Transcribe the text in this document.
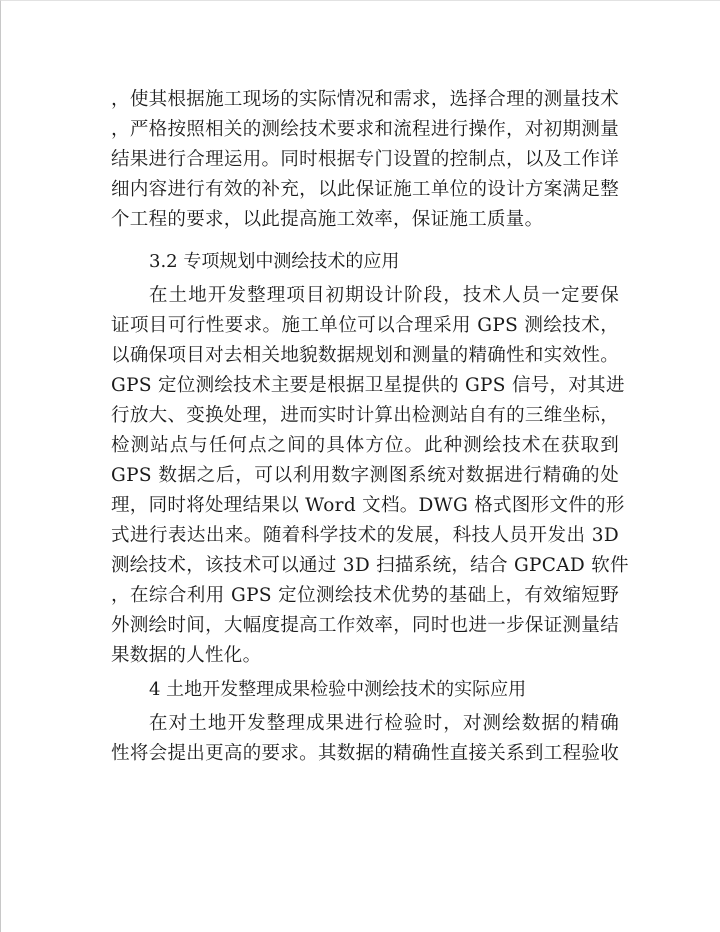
，使其根据施工现场的实际情况和需求，选择合理的测量技术
，严格按照相关的测绘技术要求和流程进行操作，对初期测量
结果进行合理运用。同时根据专门设置的控制点，以及工作详
细内容进行有效的补充，以此保证施工单位的设计方案满足整
个工程的要求，以此提高施工效率，保证施工质量。
3.2 专项规划中测绘技术的应用
在土地开发整理项目初期设计阶段，技术人员一定要保
证项目可行性要求。施工单位可以合理采用 GPS 测绘技术，
以确保项目对去相关地貌数据规划和测量的精确性和实效性。
GPS 定位测绘技术主要是根据卫星提供的 GPS 信号，对其进
行放大、变换处理，进而实时计算出检测站自有的三维坐标，
检测站点与任何点之间的具体方位。此种测绘技术在获取到
GPS 数据之后，可以利用数字测图系统对数据进行精确的处
理，同时将处理结果以 Word 文档。DWG 格式图形文件的形
式进行表达出来。随着科学技术的发展，科技人员开发出 3D
测绘技术，该技术可以通过 3D 扫描系统，结合 GPCAD 软件
，在综合利用 GPS 定位测绘技术优势的基础上，有效缩短野
外测绘时间，大幅度提高工作效率，同时也进一步保证测量结
果数据的人性化。
4 土地开发整理成果检验中测绘技术的实际应用
在对土地开发整理成果进行检验时，对测绘数据的精确
性将会提出更高的要求。其数据的精确性直接关系到工程验收
